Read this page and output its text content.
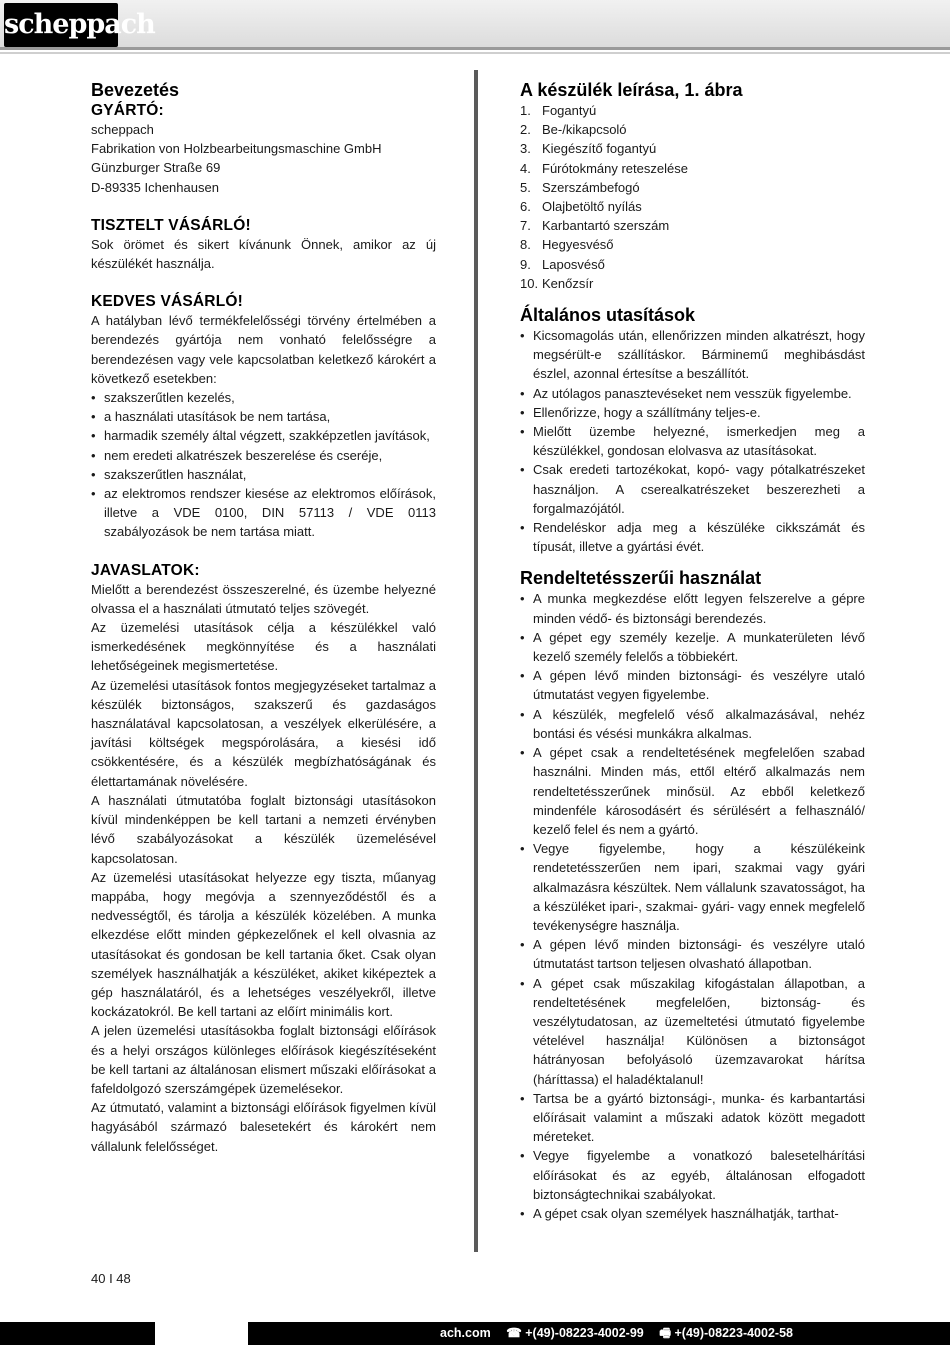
scheppach
Bevezetés
GYÁRTÓ:
scheppach
Fabrikation von Holzbearbeitungsmaschine GmbH
Günzburger Straße 69
D-89335 Ichenhausen
TISZTELT VÁSÁRLÓ!

Sok örömet és sikert kívánunk Önnek, amikor az új készülékét használja.

KEDVES VÁSÁRLÓ!

A hatályban lévő termékfelelősségi törvény értelmében a berendezés gyártója nem vonható felelősségre a berendezésen vagy vele kapcsolatban keletkező károkért a következő esetekben:

• szakszerűtlen kezelés,
• a használati utasítások be nem tartása,
• harmadik személy által végzett, szakképzetlen javítások,
• nem eredeti alkatrészek beszerelése és cseréje,
• szakszerűtlen használat,
• az elektromos rendszer kiesése az elektromos előírások, illetve a VDE 0100, DIN 57113 / VDE 0113 szabályozások be nem tartása miatt.
JAVASLATOK:

Mielőtt a berendezést összeszerelné, és üzembe helyezné olvassa el a használati útmutató teljes szövegét.

Az üzemelési utasítások célja a készülékkel való ismerkedésének megkönnyítése és a használati lehetőségeinek megismertetése.

Az üzemelési utasítások fontos megjegyzéseket tartalmaz a készülék biztonságos, szakszerű és gazdaságos használatával kapcsolatosan, a veszélyek elkerülésére, a javítási költségek megspórolására, a kiesési idő csökkentésére, és a készülék megbízhatóságának és élettartamának növelésére.

A használati útmutatóba foglalt biztonsági utasításokon kívül mindenképpen be kell tartani a nemzeti érvényben lévő szabályozásokat a készülék üzemelésével kapcsolatosan.

Az üzemelési utasításokat helyezze egy tiszta, műanyag mappába, hogy megóvja a szennyeződéstől és a nedvességtől, és tárolja a készülék közelében. A munka elkezdése előtt minden gépkezelőnek el kell olvasnia az utasításokat és gondosan be kell tartania őket. Csak olyan személyek használhatják a készüléket, akiket kiképeztek a gép használatáról, és a lehetséges veszélyekről, illetve kockázatokról. Be kell tartani az előírt minimális kort.

A jelen üzemelési utasításokba foglalt biztonsági előírások és a helyi országos különleges előírások kiegészítéseként be kell tartani az általánosan elismert műszaki előírásokat a fafeldolgozó szerszámgépek üzemelésekor.

Az útmutató, valamint a biztonsági előírások figyelmen kívül hagyásából származó balesetekért és károkért nem vállalunk felelősséget.

A készülék leírása, 1. ábra
1. Fogantyú
2. Be-/kikapcsoló
3. Kiegészítő fogantyú
4. Fúrótokmány reteszelése
5. Szerszámbefogó
6. Olajbetöltő nyílás
7. Karbantartó szerszám
8. Hegyesvéső
9. Laposvéső
10. Kenőzsír
Általános utasítások
• Kicsomagolás után, ellenőrizzen minden alkatrészt, hogy megsérült-e szállításkor. Bárminemű meghibásdást észlel, azonnal értesítse a beszállítót.
• Az utólagos panasztevéseket nem vesszük figyelembe.
• Ellenőrizze, hogy a szállítmány teljes-e.
• Mielőtt üzembe helyezné, ismerkedjen meg a készülékkel, gondosan elolvasva az utasításokat.
• Csak eredeti tartozékokat, kopó- vagy pótalkatrészeket használjon. A cserealkatrészeket beszerezheti a forgalmazójától.
• Rendeléskor adja meg a készüléke cikkszámát és típusát, illetve a gyártási évét.
Rendeltetésszerűi használat
• A munka megkezdése előtt legyen felszerelve a gépre minden védő- és biztonsági berendezés.
• A gépet egy személy kezelje. A munkaterületen lévő kezelő személy felelős a többiekért.
• A gépen lévő minden biztonsági- és veszélyre utaló útmutatást vegyen figyelembe.
• A készülék, megfelelő véső alkalmazásával, nehéz bontási és vésési munkákra alkalmas.
• A gépet csak a rendeltetésének megfelelően szabad használni. Minden más, ettől eltérő alkalmazás nem rendeltetésszerűnek minősül. Az ebből keletkező mindenféle károsodásért és sérülésért a felhasználó/ kezelő felel és nem a gyártó.
• Vegye figyelembe, hogy a készülékeink rendetetésszerűen nem ipari, szakmai vagy gyári alkalmazásra készültek. Nem vállalunk szavatosságot, ha a készüléket ipari-, szakmai- gyári- vagy ennek megfelelő tevékenységre használja.
• A gépen lévő minden biztonsági- és veszélyre utaló útmutatást tartson teljesen olvasható állapotban.
• A gépet csak műszakilag kifogástalan állapotban, a rendeltetésének megfelelően, biztonság- és veszélytudatosan, az üzemeltetési útmutató figyelembe vételével használja! Különösen a biztonságot hátrányosan befolyásoló üzemzavarokat hárítsa (háríttassa) el haladéktalanul!
• Tartsa be a gyártó biztonsági-, munka- és karbantartási előírásait valamint a műszaki adatok között megadott méreteket.
• Vegye figyelembe a vonatkozó balesetelhárítási előírásokat és az egyéb, általánosan elfogadott biztonságtechnikai szabályokat.
• A gépet csak olyan személyek használhatják, tarthat-
40 I 48
ach.com ☎ +(49)-08223-4002-99 🖷 +(49)-08223-4002-58
